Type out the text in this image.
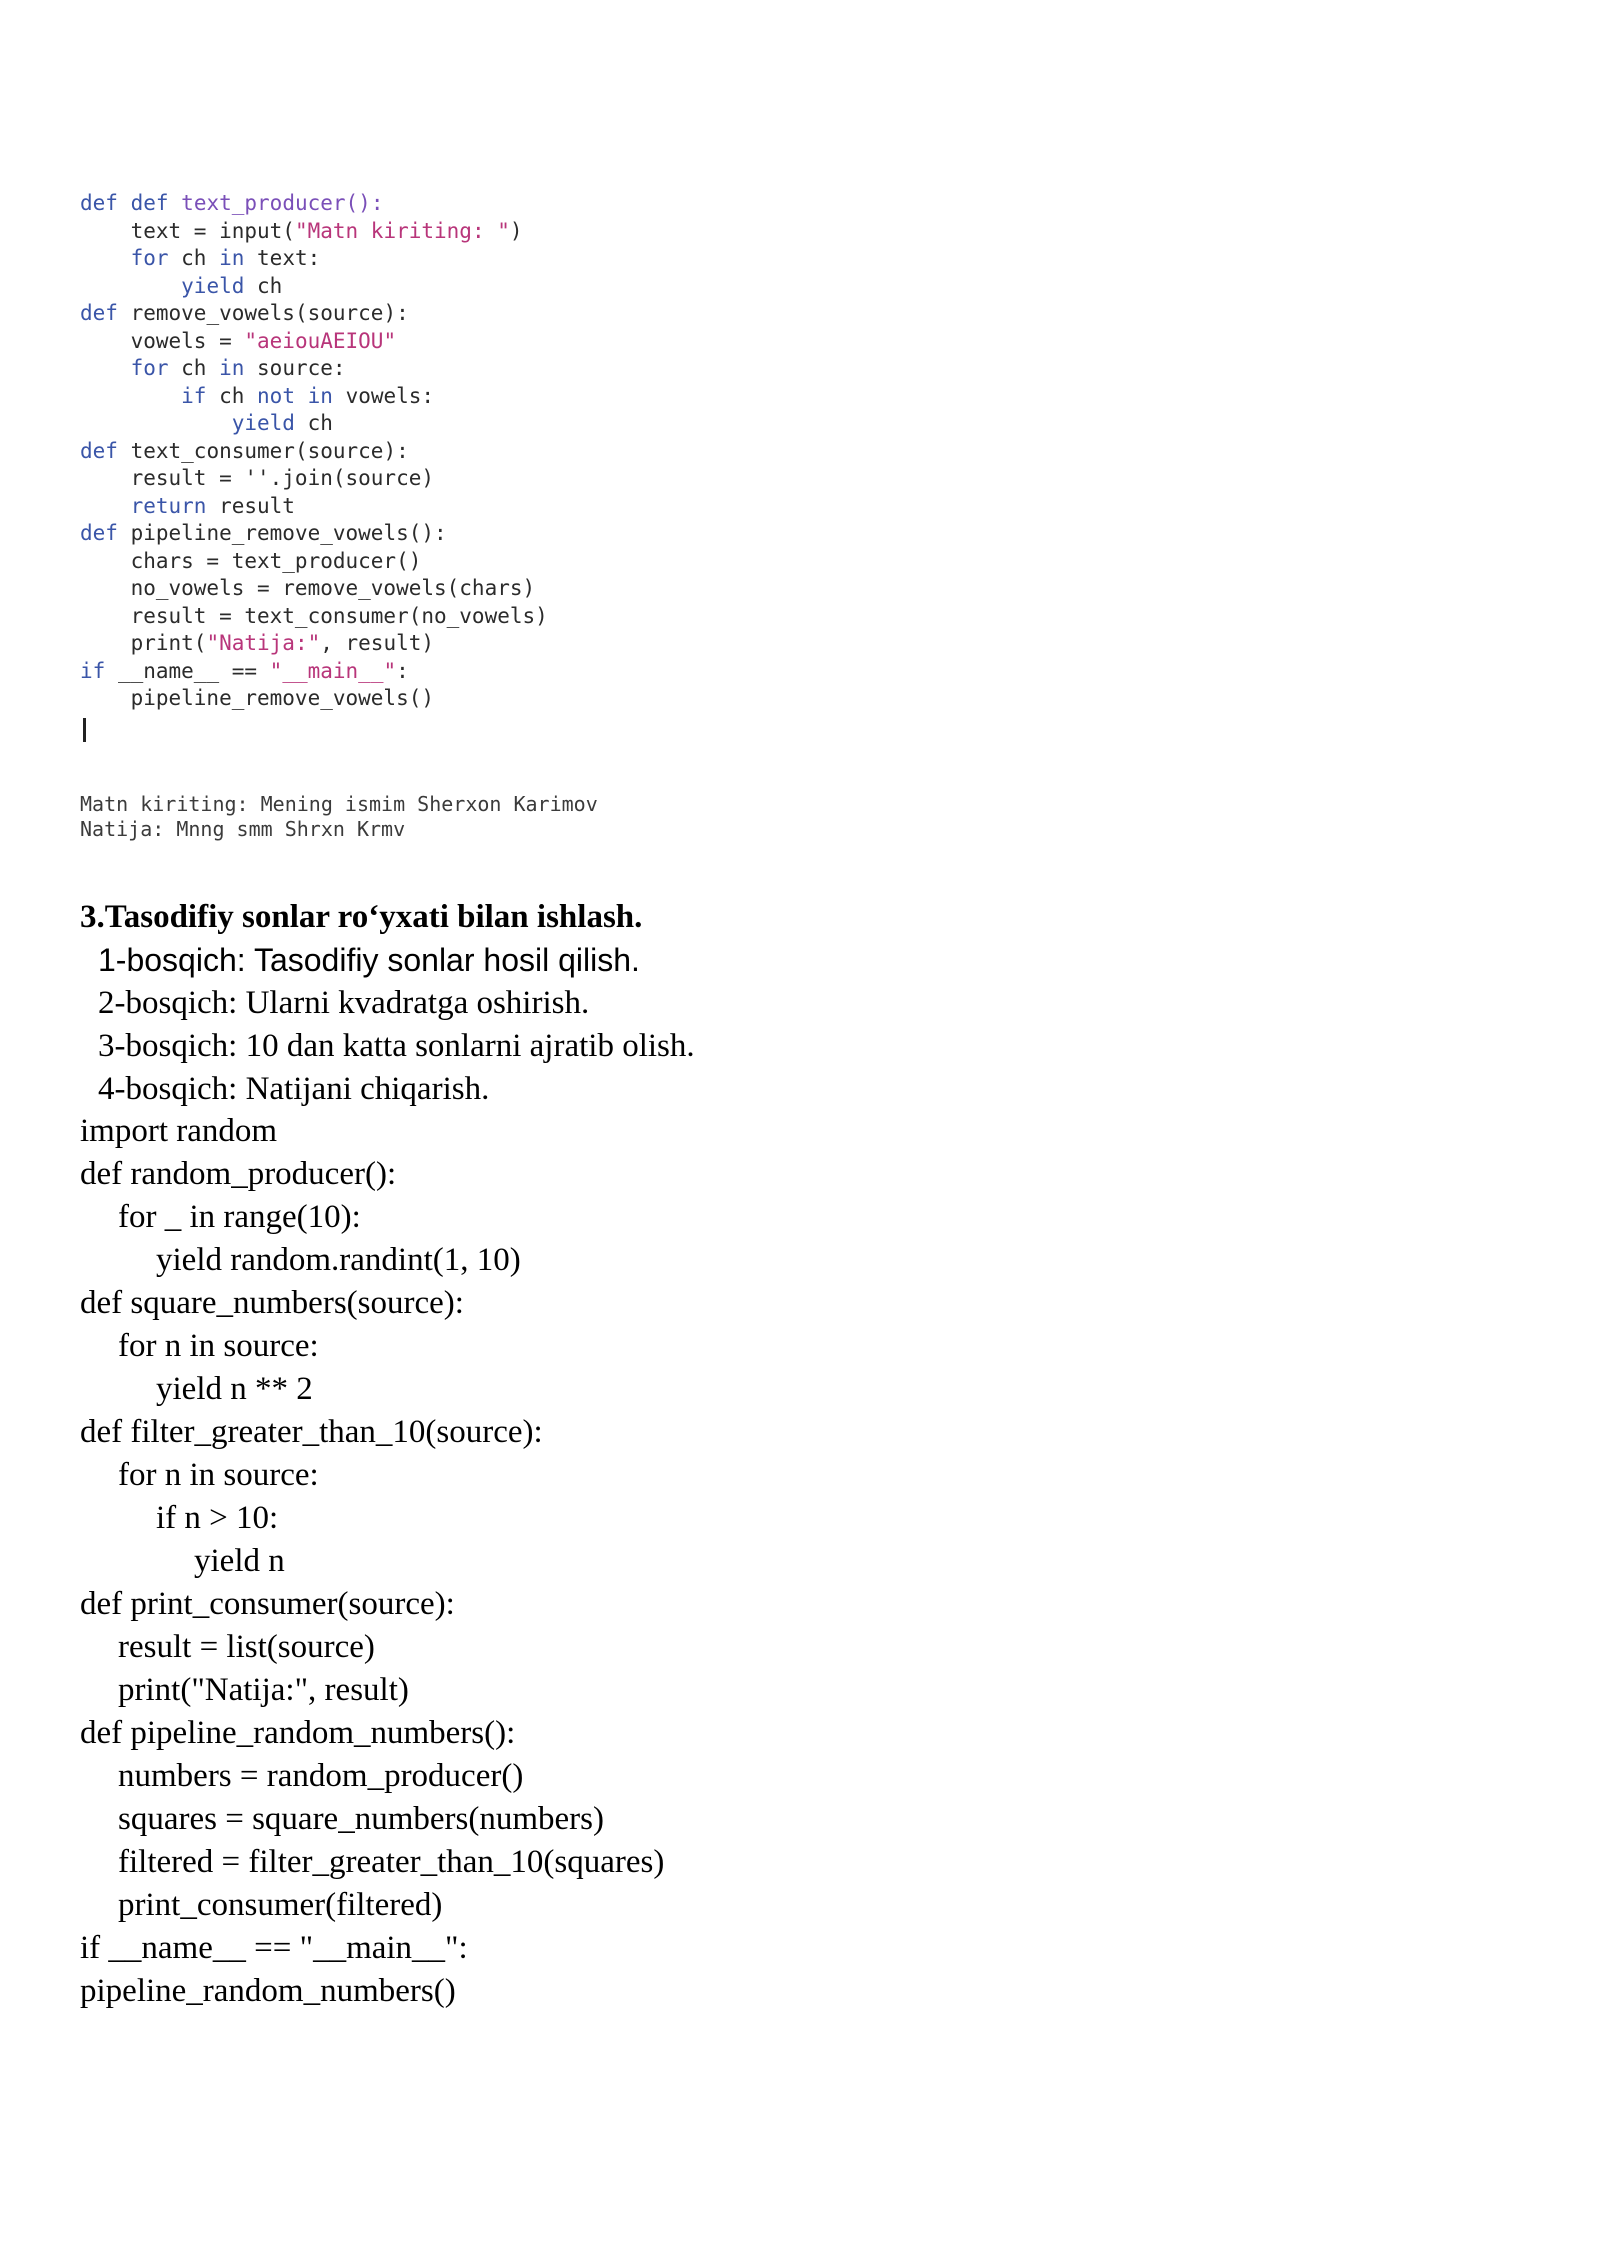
def def text_producer():
text = input("Matn kiriting: ")
for ch in text:
yield ch
def remove_vowels(source):
vowels = "aeiouAEIOU"
for ch in source:
if ch not in vowels:
yield ch
def text_consumer(source):
result = ''.join(source)
return result
def pipeline_remove_vowels():
chars = text_producer()
no_vowels = remove_vowels(chars)
result = text_consumer(no_vowels)
print("Natija:", result)
if __name__ == "__main__":
pipeline_remove_vowels()
Matn kiriting: Mening ismim Sherxon Karimov
Natija: Mnng smm Shrxn Krmv
3.Tasodifiy sonlar ro‘yxati bilan ishlash.
1-bosqich: Tasodifiy sonlar hosil qilish.
2-bosqich: Ularni kvadratga oshirish.
3-bosqich: 10 dan katta sonlarni ajratib olish.
4-bosqich: Natijani chiqarish.
import random
def random_producer():
for _ in range(10):
yield random.randint(1, 10)
def square_numbers(source):
for n in source:
yield n ** 2
def filter_greater_than_10(source):
for n in source:
if n > 10:
yield n
def print_consumer(source):
result = list(source)
print("Natija:", result)
def pipeline_random_numbers():
numbers = random_producer()
squares = square_numbers(numbers)
filtered = filter_greater_than_10(squares)
print_consumer(filtered)
if __name__ == "__main__":
pipeline_random_numbers()
